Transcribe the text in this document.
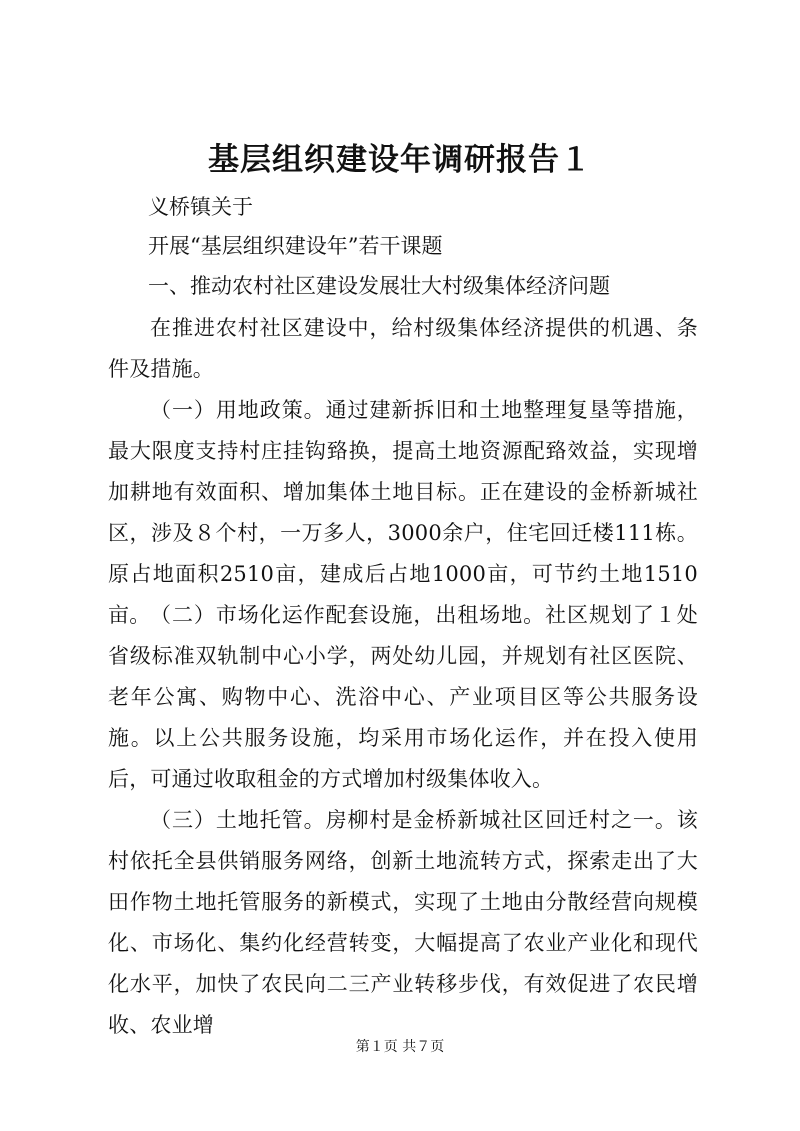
基层组织建设年调研报告１

义桥镇关于

开展“基层组织建设年”若干课题

一、推动农村社区建设发展壮大村级集体经济问题

在推进农村社区建设中，给村级集体经济提供的机遇、条件及措施。

（一）用地政策。通过建新拆旧和土地整理复垦等措施，最大限度支持村庄挂钩臵换，提高土地资源配臵效益，实现增加耕地有效面积、增加集体土地目标。正在建设的金桥新城社区，涉及８个村，一万多人，3000余户，住宅回迁楼111栋。原占地面积2510亩，建成后占地1000亩，可节约土地1510亩。 （二）市场化运作配套设施，出租场地。社区规划了１处省级标准双轨制中心小学，两处幼儿园，并规划有社区医院、老年公寓、购物中心、洗浴中心、产业项目区等公共服务设施。以上公共服务设施，均采用市场化运作，并在投入使用后，可通过收取租金的方式增加村级集体收入。

（三）土地托管。房柳村是金桥新城社区回迁村之一。该村依托全县供销服务网络，创新土地流转方式，探索走出了大田作物土地托管服务的新模式，实现了土地由分散经营向规模化、市场化、集约化经营转变，大幅提高了农业产业化和现代化水平，加快了农民向二三产业转移步伐，有效促进了农民增收、农业增

第１页 共７页
